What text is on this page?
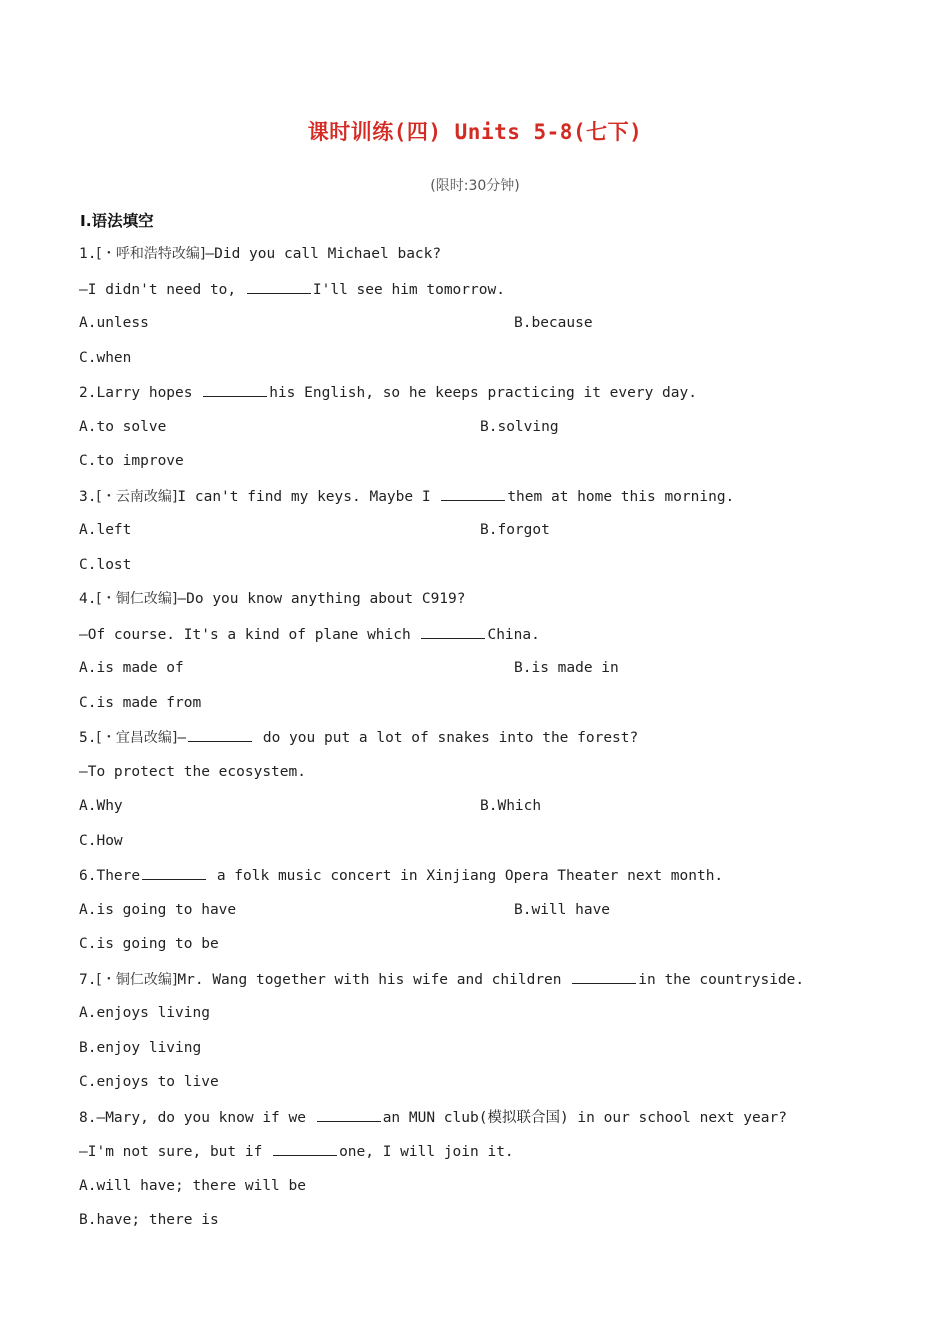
课时训练(四) Units 5-8(七下)
(限时:30分钟)
Ⅰ.语法填空
1.[・呼和浩特改编]—Did you call Michael back?
—I didn't need to,	I'll see him tomorrow.
A.unless	B.because
C.when
2.Larry hopes	his English, so he keeps practicing it every day.
A.to solve	B.solving
C.to improve
3.[・云南改编]I can't find my keys. Maybe I	them at home this morning.
A.left	B.forgot
C.lost
4.[・铜仁改编]—Do you know anything about C919?
—Of course. It's a kind of plane which	China.
A.is made of	B.is made in
C.is made from
5.[・宜昌改编]—	do you put a lot of snakes into the forest?
—To protect the ecosystem.
A.Why	B.Which
C.How
6.There	a folk music concert in Xinjiang Opera Theater next month.
A.is going to have	B.will have
C.is going to be
7.[・铜仁改编]Mr. Wang together with his wife and children	in the countryside.
A.enjoys living
B.enjoy living
C.enjoys to live
8.—Mary, do you know if we	an MUN club(模拟联合国) in our school next year?
—I'm not sure, but if	one, I will join it.
A.will have; there will be
B.have; there is
